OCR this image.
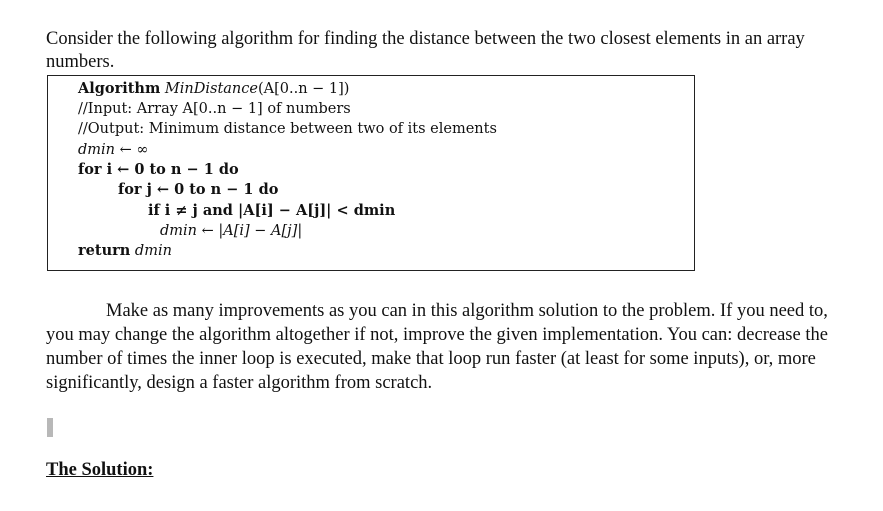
Consider the following algorithm for finding the distance between the two closest elements in an array numbers.

Algorithm MinDistance(A[0..n − 1])
//Input: Array A[0..n − 1] of numbers
//Output: Minimum distance between two of its elements
dmin ← ∞
for i ← 0 to n − 1 do
for j ← 0 to n − 1 do
if i ≠ j and |A[i] − A[j]| < dmin
dmin ← |A[i] − A[j]|
return dmin

Make as many improvements as you can in this algorithm solution to the problem. If you need to, you may change the algorithm altogether if not, improve the given implementation. You can: decrease the number of times the inner loop is executed, make that loop run faster (at least for some inputs), or, more significantly, design a faster algorithm from scratch.

The Solution:
